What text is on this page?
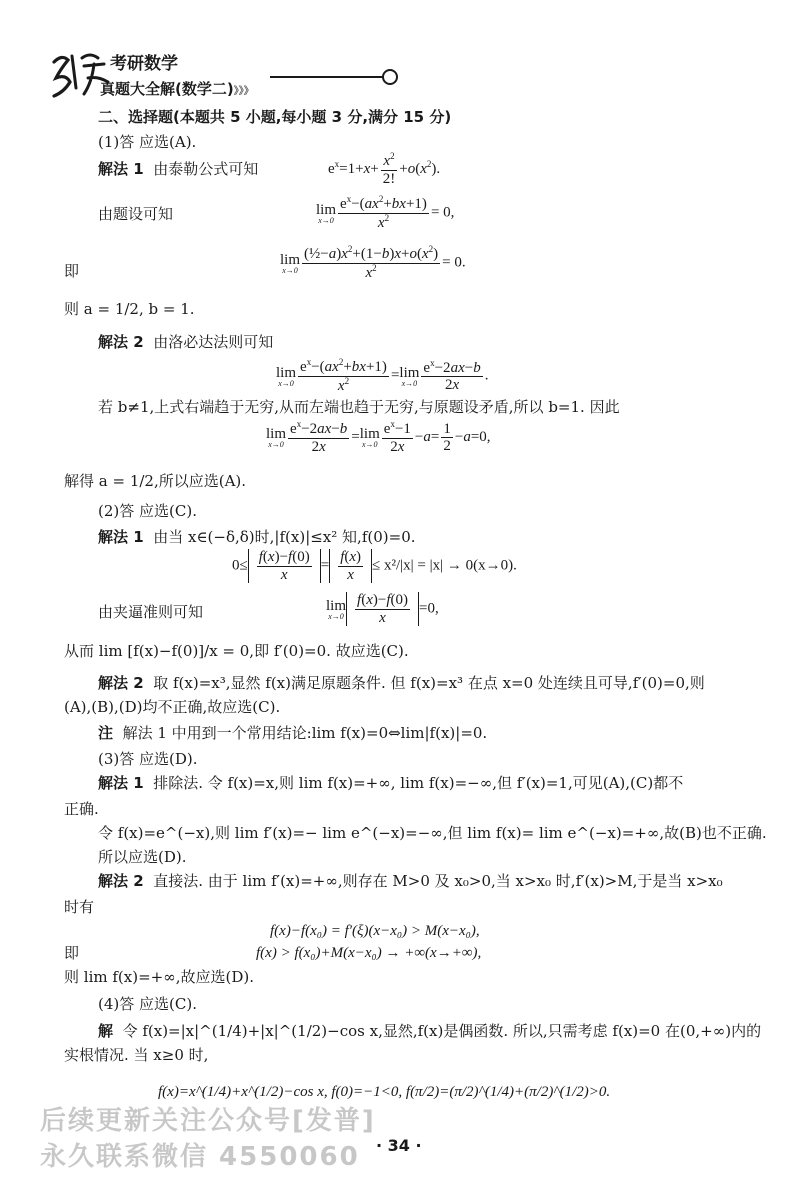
考研数学
真题大全解(数学二)》》》
二、选择题(本题共 5 小题,每小题 3 分,满分 15 分)
(1)答 应选(A).
解法 1 由泰勒公式可知	$e^x=1+x+ \frac{x^2}{2!} +o(x^2)$.
由题设可知	lim
$x\to 0 \frac{e^x-(ax^2+bx+1)}{x^2} = 0$,
即
lim
$x\to 0 \frac{(\frac{1}{2}-a)x^2+(1-b)x+o(x^2)}{x^2} = 0$.
则 a = 1/2, b = 1.
解法 2 由洛必达法则可知
lim
$x\to 0 \frac{e^x-(ax^2+bx+1)}{x^2} =\lim$
$x\to 0 \frac{e^x-2ax-b}{2x}$ .
若 b≠1,上式右端趋于无穷,从而左端也趋于无穷,与原题设矛盾,所以 b=1. 因此
lim
$x\to 0 \frac{e^x-2ax-b}{2x} =\lim$
$x\to 0 \frac{e^x-1}{2x} -a= \frac{1}{2} -a=0$,
解得 a = 1/2,所以应选(A).
(2)答 应选(C).
解法 1 由当 x∈(−δ,δ)时,|f(x)|≤x² 知,f(0)=0.
$0\le \frac{f(x)-f(0)}{x} = \frac{f(x)}{x} \le x^2/|x| = |x| \to 0(x\to 0)$.
由夹逼准则可知	lim
$x\to 0 \frac{f(x)-f(0)}{x} =0$,
从而 lim [f(x)−f(0)]/x = 0,即 f′(0)=0. 故应选(C).
解法 2 取 f(x)=x³,显然 f(x)满足原题条件. 但 f(x)=x³ 在点 x=0 处连续且可导,f′(0)=0,则
(A),(B),(D)均不正确,故应选(C).
注 解法 1 中用到一个常用结论:lim f(x)=0⇔lim|f(x)|=0.
(3)答 应选(D).
解法 1 排除法. 令 f(x)=x,则 lim f(x)=+∞, lim f(x)=−∞,但 f′(x)=1,可见(A),(C)都不
正确.
令 f(x)=e^(−x),则 lim f′(x)=− lim e^(−x)=−∞,但 lim f(x)= lim e^(−x)=+∞,故(B)也不正确.
所以应选(D).
解法 2 直接法. 由于 lim f′(x)=+∞,则存在 M>0 及 x₀>0,当 x>x₀ 时,f′(x)>M,于是当 x>x₀
时有
f(x)−f(x₀) = f′(ξ)(x−x₀) > M(x−x₀),
即	f(x) > f(x₀)+M(x−x₀) → +∞(x→+∞),
则 lim f(x)=+∞,故应选(D).
(4)答 应选(C).
解 令 f(x)=|x|^(1/4)+|x|^(1/2)−cos x,显然,f(x)是偶函数. 所以,只需考虑 f(x)=0 在(0,+∞)内的
实根情况. 当 x≥0 时,
f(x)=x^(1/4)+x^(1/2)−cos x, f(0)=−1<0, f(π/2)=(π/2)^(1/4)+(π/2)^(1/2)>0.
后续更新关注公众号[发普]
永久联系微信 4550060 · 34 ·
